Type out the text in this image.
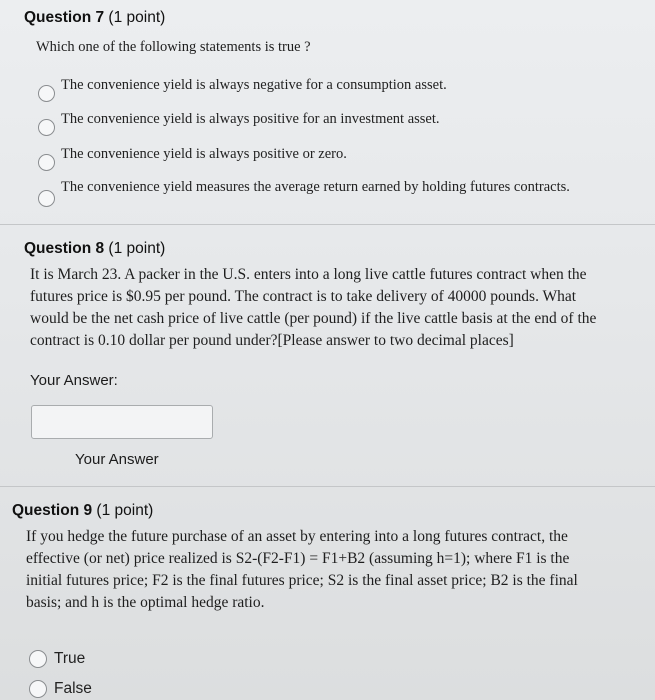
Question 7 (1 point)
Which one of the following statements is true ?
The convenience yield is always negative for a consumption asset.
The convenience yield is always positive for an investment asset.
The convenience yield is always positive or zero.
The convenience yield measures the average return earned by holding futures contracts.
Question 8 (1 point)
It is March 23. A packer in the U.S. enters into a long live cattle futures contract when the
futures price is $0.95 per pound. The contract is to take delivery of 40000 pounds. What
would be the net cash price of live cattle (per pound) if the live cattle basis at the end of the
contract is 0.10 dollar per pound under?[Please answer to two decimal places]
Your Answer:
Your Answer
Question 9 (1 point)
If you hedge the future purchase of an asset by entering into a long futures contract, the
effective (or net) price realized is S2-(F2-F1) = F1+B2 (assuming h=1); where F1 is the
initial futures price; F2 is the final futures price; S2 is the final asset price; B2 is the final
basis; and h is the optimal hedge ratio.
True
False
